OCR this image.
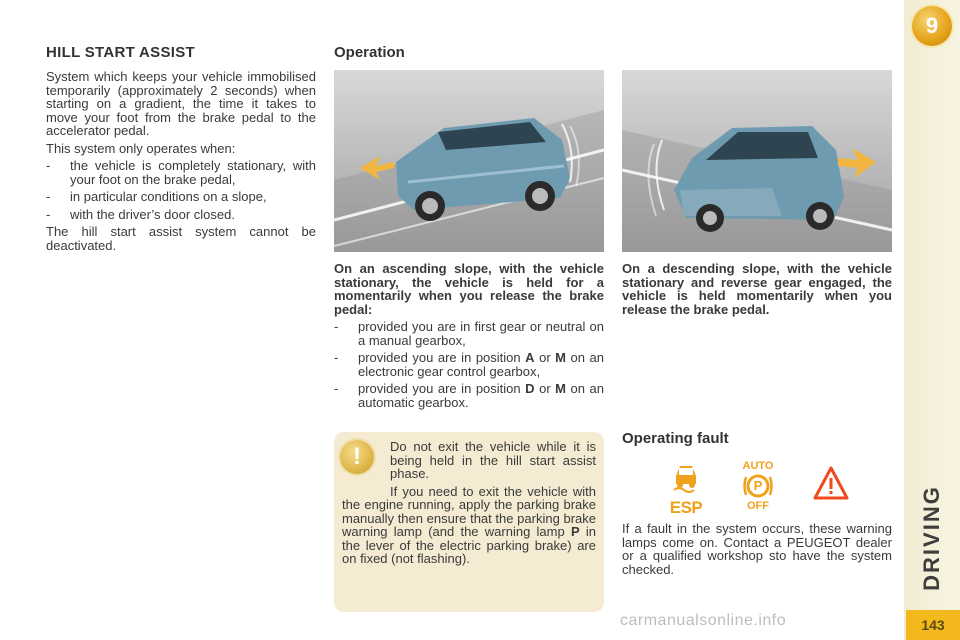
9
DRIVING
143
HILL START ASSIST

System which keeps your vehicle immobilised temporarily (approximately 2 seconds) when starting on a gradient, the time it takes to move your foot from the brake pedal to the accelerator pedal.

This system only operates when:

-	the vehicle is completely stationary, with your foot on the brake pedal,
-	in particular conditions on a slope,
-	with the driver’s door closed.

The hill start assist system cannot be deactivated.

Operation

On an ascending slope, with the vehicle stationary, the vehicle is held for a momentarily when you release the brake pedal:

-	provided you are in first gear or neutral on a manual gearbox,
-	provided you are in position A or M on an electronic gear control gearbox,
-	provided you are in position D or M on an automatic gearbox.
On a descending slope, with the vehicle stationary and reverse gear engaged, the vehicle is held momentarily when you release the brake pedal.
!	Do not exit the vehicle while it is being held in the hill start assist phase.

If you need to exit the vehicle with the engine running, apply the parking brake manually then ensure that the parking brake warning lamp (and the warning lamp P in the lever of the electric parking brake) are on fixed (not flashing).

Operating fault
ESP
AUTO
P
OFF
If a fault in the system occurs, these warning lamps come on. Contact a PEUGEOT dealer or a qualified workshop sto have the system checked.
carmanualsonline.info
